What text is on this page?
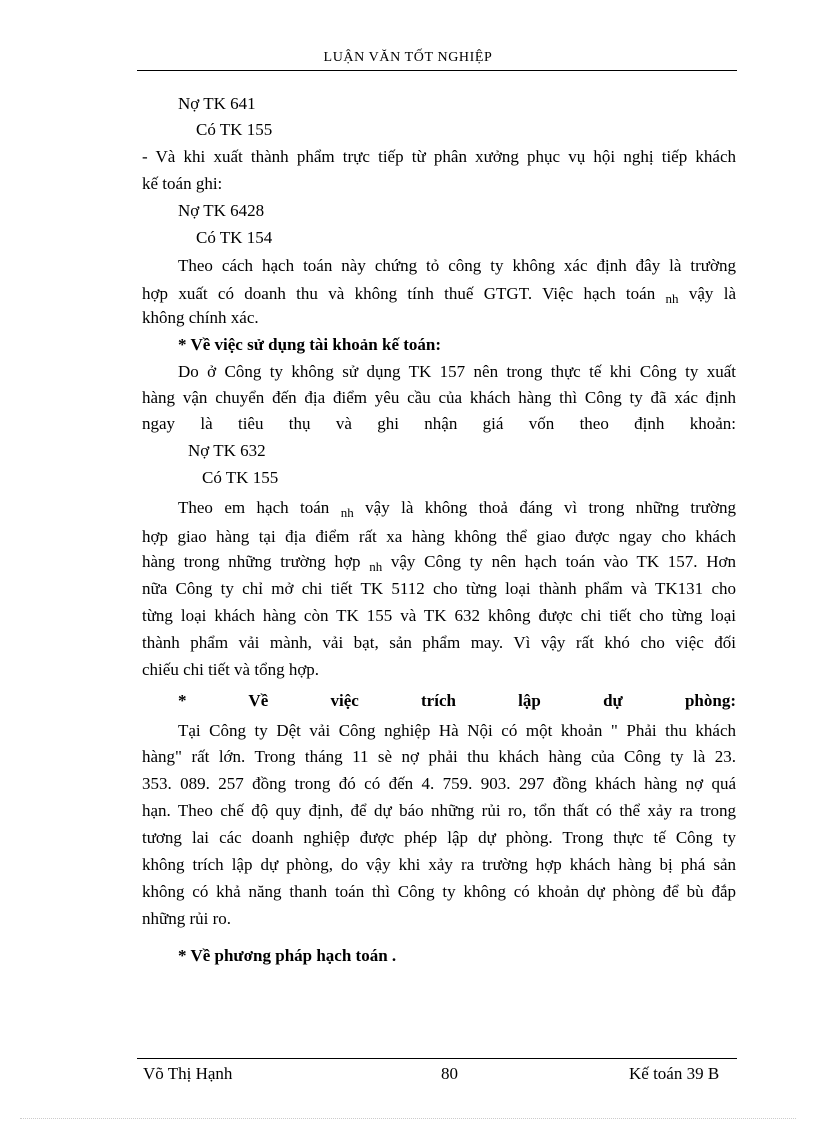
LUẬN VĂN TỐT NGHIỆP
Nợ TK 641
Có TK 155
- Và khi xuất thành phẩm trực tiếp từ phân xưởng phục vụ hội nghị tiếp khách
kế toán ghi:
Nợ TK 6428
Có TK 154
Theo cách hạch toán này chứng tỏ công ty không xác định đây là trường
hợp xuất có doanh thu và không tính thuế GTGT. Việc hạch toán $_{nh}$ vậy là
không chính xác.
* Về việc sử dụng tài khoản kế toán:
Do ở Công ty không sử dụng TK 157 nên trong thực tế khi Công ty xuất
hàng vận chuyển đến địa điểm yêu cầu của khách hàng thì Công ty đã xác định
ngay là tiêu thụ và ghi nhận giá vốn theo định khoản:
Nợ TK 632
Có TK 155
Theo em hạch toán $_{nh}$ vậy là không thoả đáng vì trong những trường
hợp giao hàng tại địa điểm rất xa hàng không thể giao được ngay cho khách
hàng trong những trường hợp $_{nh}$ vậy Công ty nên hạch toán vào TK 157. Hơn
nữa Công ty chỉ mở chi tiết TK 5112 cho từng loại thành phẩm và TK131 cho
từng loại khách hàng còn TK 155 và TK 632 không được chi tiết cho từng loại
thành phẩm vải mành, vải bạt, sản phẩm may. Vì vậy rất khó cho việc đối
chiếu chi tiết và tổng hợp.
* Về việc trích lập dự phòng:
Tại Công ty Dệt vải Công nghiệp Hà Nội có một khoản " Phải thu khách
hàng" rất lớn. Trong tháng 11 sè nợ phải thu khách hàng của Công ty là 23.
353. 089. 257 đồng trong đó có đến 4. 759. 903. 297 đồng khách hàng nợ quá
hạn. Theo chế độ quy định, để dự báo những rủi ro, tổn thất có thể xảy ra trong
tương lai các doanh nghiệp được phép lập dự phòng. Trong thực tế Công ty
không trích lập dự phòng, do vậy khi xảy ra trường hợp khách hàng bị phá sản
không có khả năng thanh toán thì Công ty không có khoản dự phòng để bù đắp
những rủi ro.
* Về phương pháp hạch toán .
Võ Thị Hạnh	80	Kế toán 39 B
